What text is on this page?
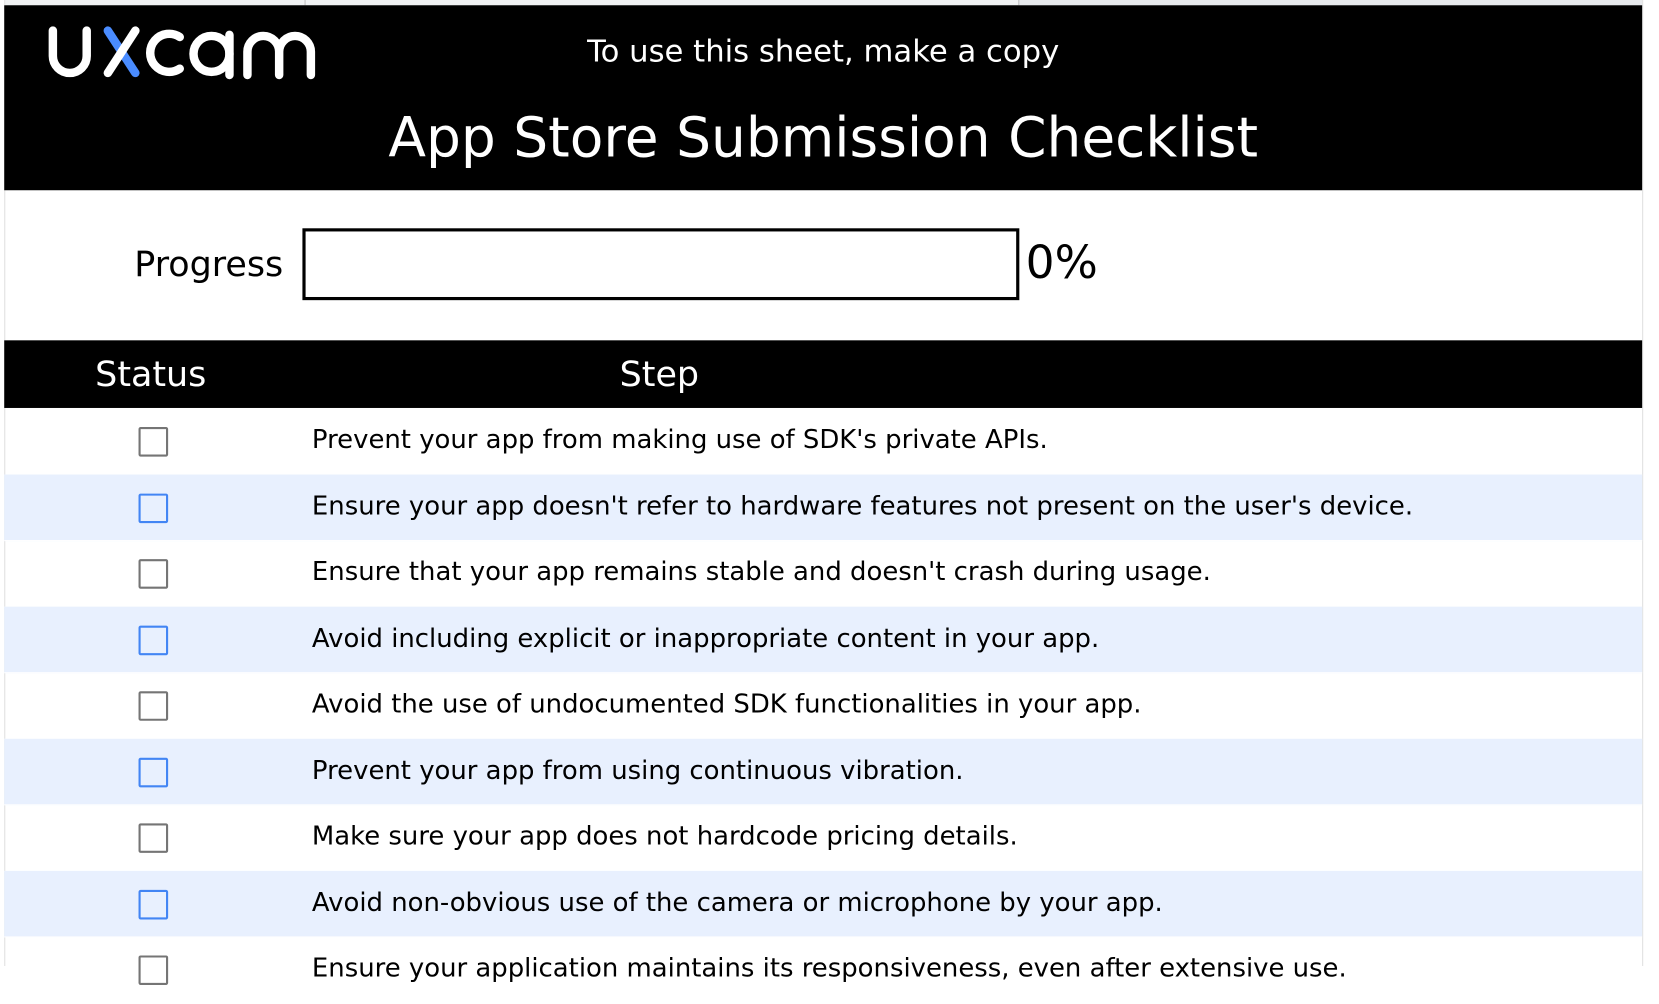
To use this sheet, make a copy
App Store Submission Checklist
Progress	0%
Status	Step
Prevent your app from making use of SDK's private APIs.
Ensure your app doesn't refer to hardware features not present on the user's device.
Ensure that your app remains stable and doesn't crash during usage.
Avoid including explicit or inappropriate content in your app.
Avoid the use of undocumented SDK functionalities in your app.
Prevent your app from using continuous vibration.
Make sure your app does not hardcode pricing details.
Avoid non-obvious use of the camera or microphone by your app.
Ensure your application maintains its responsiveness, even after extensive use.
